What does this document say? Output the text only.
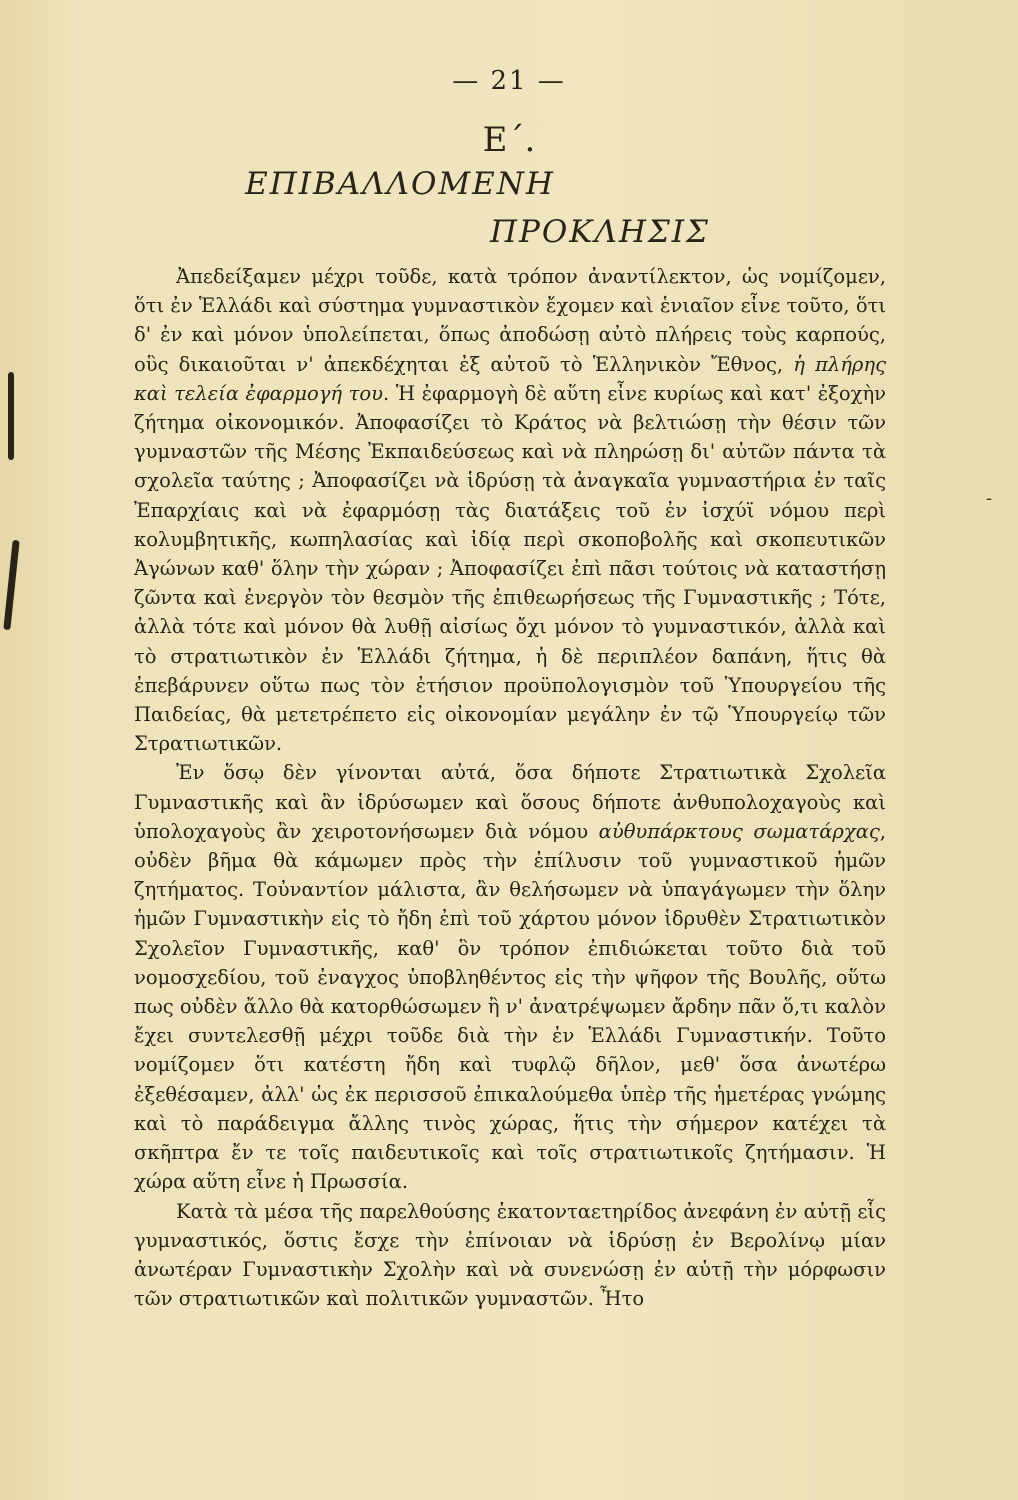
-
— 21 —
Ε΄.
ΕΠΙΒΑΛΛΟΜΕΝΗ
ΠΡΟΚΛΗΣΙΣ

Ἀπεδείξαμεν μέχρι τοῦδε, κατὰ τρόπον ἀναντίλεκτον, ὡς νομίζομεν, ὅτι ἐν Ἑλλάδι καὶ σύστημα γυμναστικὸν ἔχομεν καὶ ἑνιαῖον εἶνε τοῦτο, ὅτι δ' ἐν καὶ μόνον ὑπολείπεται, ὅπως ἀποδώσῃ αὐτὸ πλήρεις τοὺς καρπούς, οὓς δικαιοῦται ν' ἀπεκδέχηται ἐξ αὐτοῦ τὸ Ἑλληνικὸν Ἔθνος, ἡ πλήρης καὶ τελεία ἐφαρμογή του. Ἡ ἐφαρμογὴ δὲ αὕτη εἶνε κυρίως καὶ κατ' ἐξοχὴν ζήτημα οἰκονομικόν. Ἀποφασίζει τὸ Κράτος νὰ βελτιώσῃ τὴν θέσιν τῶν γυμναστῶν τῆς Μέσης Ἐκπαιδεύσεως καὶ νὰ πληρώσῃ δι' αὐτῶν πάντα τὰ σχολεῖα ταύτης ; Ἀποφασίζει νὰ ἱδρύσῃ τὰ ἀναγκαῖα γυμναστήρια ἐν ταῖς Ἐπαρχίαις καὶ νὰ ἐφαρμόσῃ τὰς διατάξεις τοῦ ἐν ἰσχύϊ νόμου περὶ κολυμβητικῆς, κωπηλασίας καὶ ἰδίᾳ περὶ σκοποβολῆς καὶ σκοπευτικῶν Ἀγώνων καθ' ὅλην τὴν χώραν ; Ἀποφασίζει ἐπὶ πᾶσι τούτοις νὰ καταστήσῃ ζῶντα καὶ ἐνεργὸν τὸν θεσμὸν τῆς ἐπιθεωρήσεως τῆς Γυμναστικῆς ; Τότε, ἀλλὰ τότε καὶ μόνον θὰ λυθῇ αἰσίως ὄχι μόνον τὸ γυμναστικόν, ἀλλὰ καὶ τὸ στρατιωτικὸν ἐν Ἑλλάδι ζήτημα, ἡ δὲ περιπλέον δαπάνη, ἥτις θὰ ἐπεβάρυνεν οὕτω πως τὸν ἐτήσιον προϋπολογισμὸν τοῦ Ὑπουργείου τῆς Παιδείας, θὰ μετετρέπετο εἰς οἰκονομίαν μεγάλην ἐν τῷ Ὑπουργείῳ τῶν Στρατιωτικῶν.

Ἐν ὅσῳ δὲν γίνονται αὐτά, ὅσα δήποτε Στρατιωτικὰ Σχολεῖα Γυμναστικῆς καὶ ἂν ἱδρύσωμεν καὶ ὅσους δήποτε ἀνθυπολοχαγοὺς καὶ ὑπολοχαγοὺς ἂν χειροτονήσωμεν διὰ νόμου αὐθυπάρκτους σωματάρχας, οὐδὲν βῆμα θὰ κάμωμεν πρὸς τὴν ἐπίλυσιν τοῦ γυμναστικοῦ ἡμῶν ζητήματος. Τοὐναντίον μάλιστα, ἂν θελήσωμεν νὰ ὑπαγάγωμεν τὴν ὅλην ἡμῶν Γυμναστικὴν εἰς τὸ ἤδη ἐπὶ τοῦ χάρτου μόνον ἱδρυθὲν Στρατιωτικὸν Σχολεῖον Γυμναστικῆς, καθ' ὃν τρόπον ἐπιδιώκεται τοῦτο διὰ τοῦ νομοσχεδίου, τοῦ ἐναγχος ὑποβληθέντος εἰς τὴν ψῆφον τῆς Βουλῆς, οὕτω πως οὐδὲν ἄλλο θὰ κατορθώσωμεν ἢ ν' ἀνατρέψωμεν ἄρδην πᾶν ὅ,τι καλὸν ἔχει συντελεσθῇ μέχρι τοῦδε διὰ τὴν ἐν Ἑλλάδι Γυμναστικήν. Τοῦτο νομίζομεν ὅτι κατέστη ἤδη καὶ τυφλῷ δῆλον, μεθ' ὅσα ἀνωτέρω ἐξεθέσαμεν, ἀλλ' ὡς ἐκ περισσοῦ ἐπικαλούμεθα ὑπὲρ τῆς ἡμετέρας γνώμης καὶ τὸ παράδειγμα ἄλλης τινὸς χώρας, ἥτις τὴν σήμερον κατέχει τὰ σκῆπτρα ἔν τε τοῖς παιδευτικοῖς καὶ τοῖς στρατιωτικοῖς ζητήμασιν. Ἡ χώρα αὕτη εἶνε ἡ Πρωσσία.

Κατὰ τὰ μέσα τῆς παρελθούσης ἑκατονταετηρίδος ἀνεφάνη ἐν αὐτῇ εἷς γυμναστικός, ὅστις ἔσχε τὴν ἐπίνοιαν νὰ ἱδρύσῃ ἐν Βερολίνῳ μίαν ἀνωτέραν Γυμναστικὴν Σχολὴν καὶ νὰ συνενώσῃ ἐν αὐτῇ τὴν μόρφωσιν τῶν στρατιωτικῶν καὶ πολιτικῶν γυμναστῶν. Ἦτο
